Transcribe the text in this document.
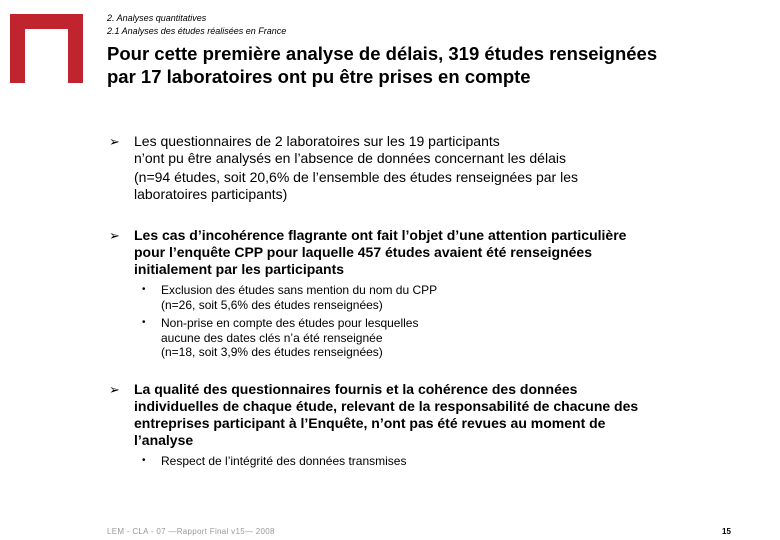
2. Analyses quantitatives
2.1 Analyses des études réalisées en France
Pour cette première analyse de délais, 319 études renseignées
par 17 laboratoires ont pu être prises en compte
➢ Les questionnaires de 2 laboratoires sur les 19 participants
n’ont pu être analysés en l’absence de données concernant les délais
(n=94 études, soit 20,6% de l’ensemble des études renseignées par les
laboratoires participants)
➢ Les cas d’incohérence flagrante ont fait l’objet d’une attention particulière
pour l’enquête CPP pour laquelle 457 études avaient été renseignées
initialement par les participants
• Exclusion des études sans mention du nom du CPP
(n=26, soit 5,6% des études renseignées)
• Non-prise en compte des études pour lesquelles
aucune des dates clés n’a été renseignée
(n=18, soit 3,9% des études renseignées)
➢ La qualité des questionnaires fournis et la cohérence des données
individuelles de chaque étude, relevant de la responsabilité de chacune des
entreprises participant à l’Enquête, n’ont pas été revues au moment de
l’analyse
• Respect de l’intégrité des données transmises
LEM - CLA - 07 —Rapport Final v15— 2008	15
